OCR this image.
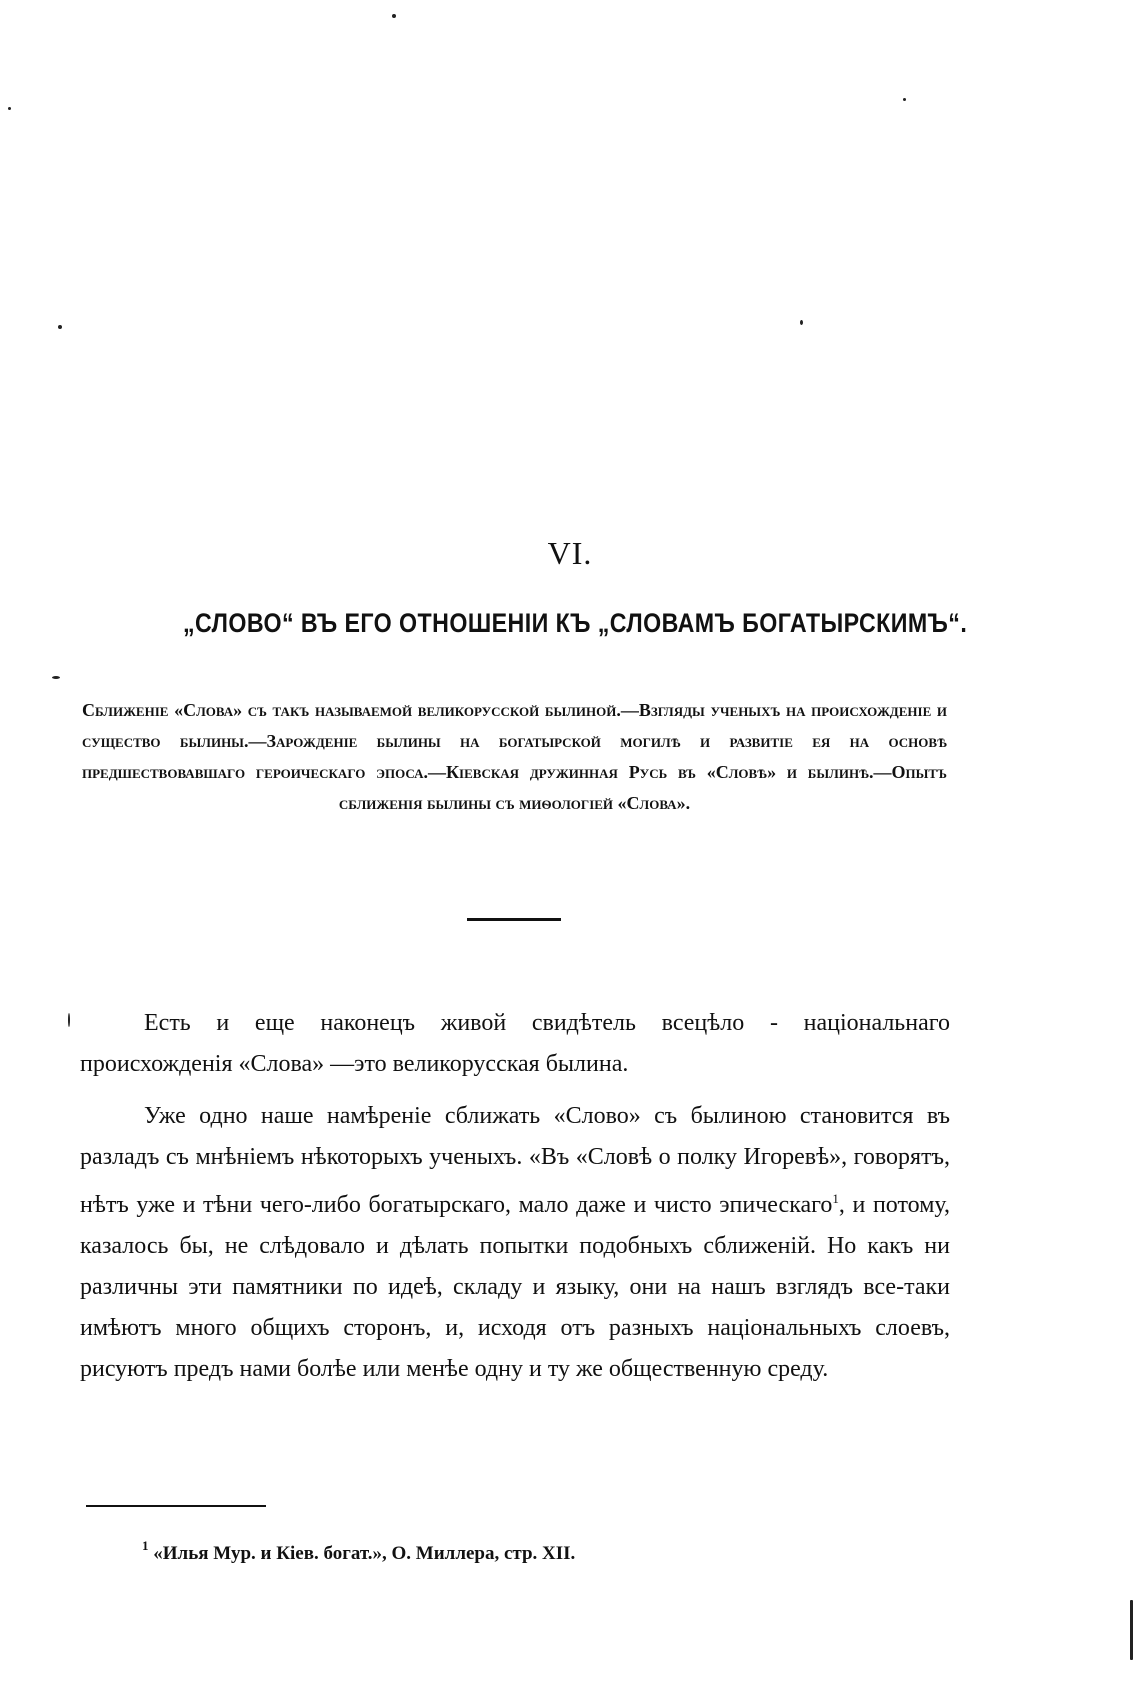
VI.
„СЛОВО“ ВЪ ЕГО ОТНОШЕНІИ КЪ „СЛОВАМЪ БОГАТЫРСКИМЪ“.
Сближеніе «Слова» съ такъ называемой великорусской былиной.—Взгляды ученыхъ на происхожденіе и существо былины.—Зарожденіе былины на богатырской могилѣ и развитіе ея на основѣ предшествовавшаго героическаго эпоса.—Кіевская дружинная Русь въ «Словѣ» и былинѣ.—Опытъ сближенія былины съ миѳологіей «Слова».
Есть и еще наконецъ живой свидѣтель всецѣло - національнаго происхожденія «Слова» —это великорусская былина.
Уже одно наше намѣреніе сближать «Слово» съ былиною становится въ разладъ съ мнѣніемъ нѣкоторыхъ ученыхъ. «Въ «Словѣ о полку Игоревѣ», говорятъ, нѣтъ уже и тѣни чего-либо богатырскаго, мало даже и чисто эпическаго$^1$, и потому, казалось бы, не слѣдовало и дѣлать попытки подобныхъ сближеній. Но какъ ни различны эти памятники по идеѣ, складу и языку, они на нашъ взглядъ все-таки имѣютъ много общихъ сторонъ, и, исходя отъ разныхъ національныхъ слоевъ, рисуютъ предъ нами болѣе или менѣе одну и ту же общественную среду.
$^1$ «Илья Мур. и Кіев. богат.», О. Миллера, стр. XII.
